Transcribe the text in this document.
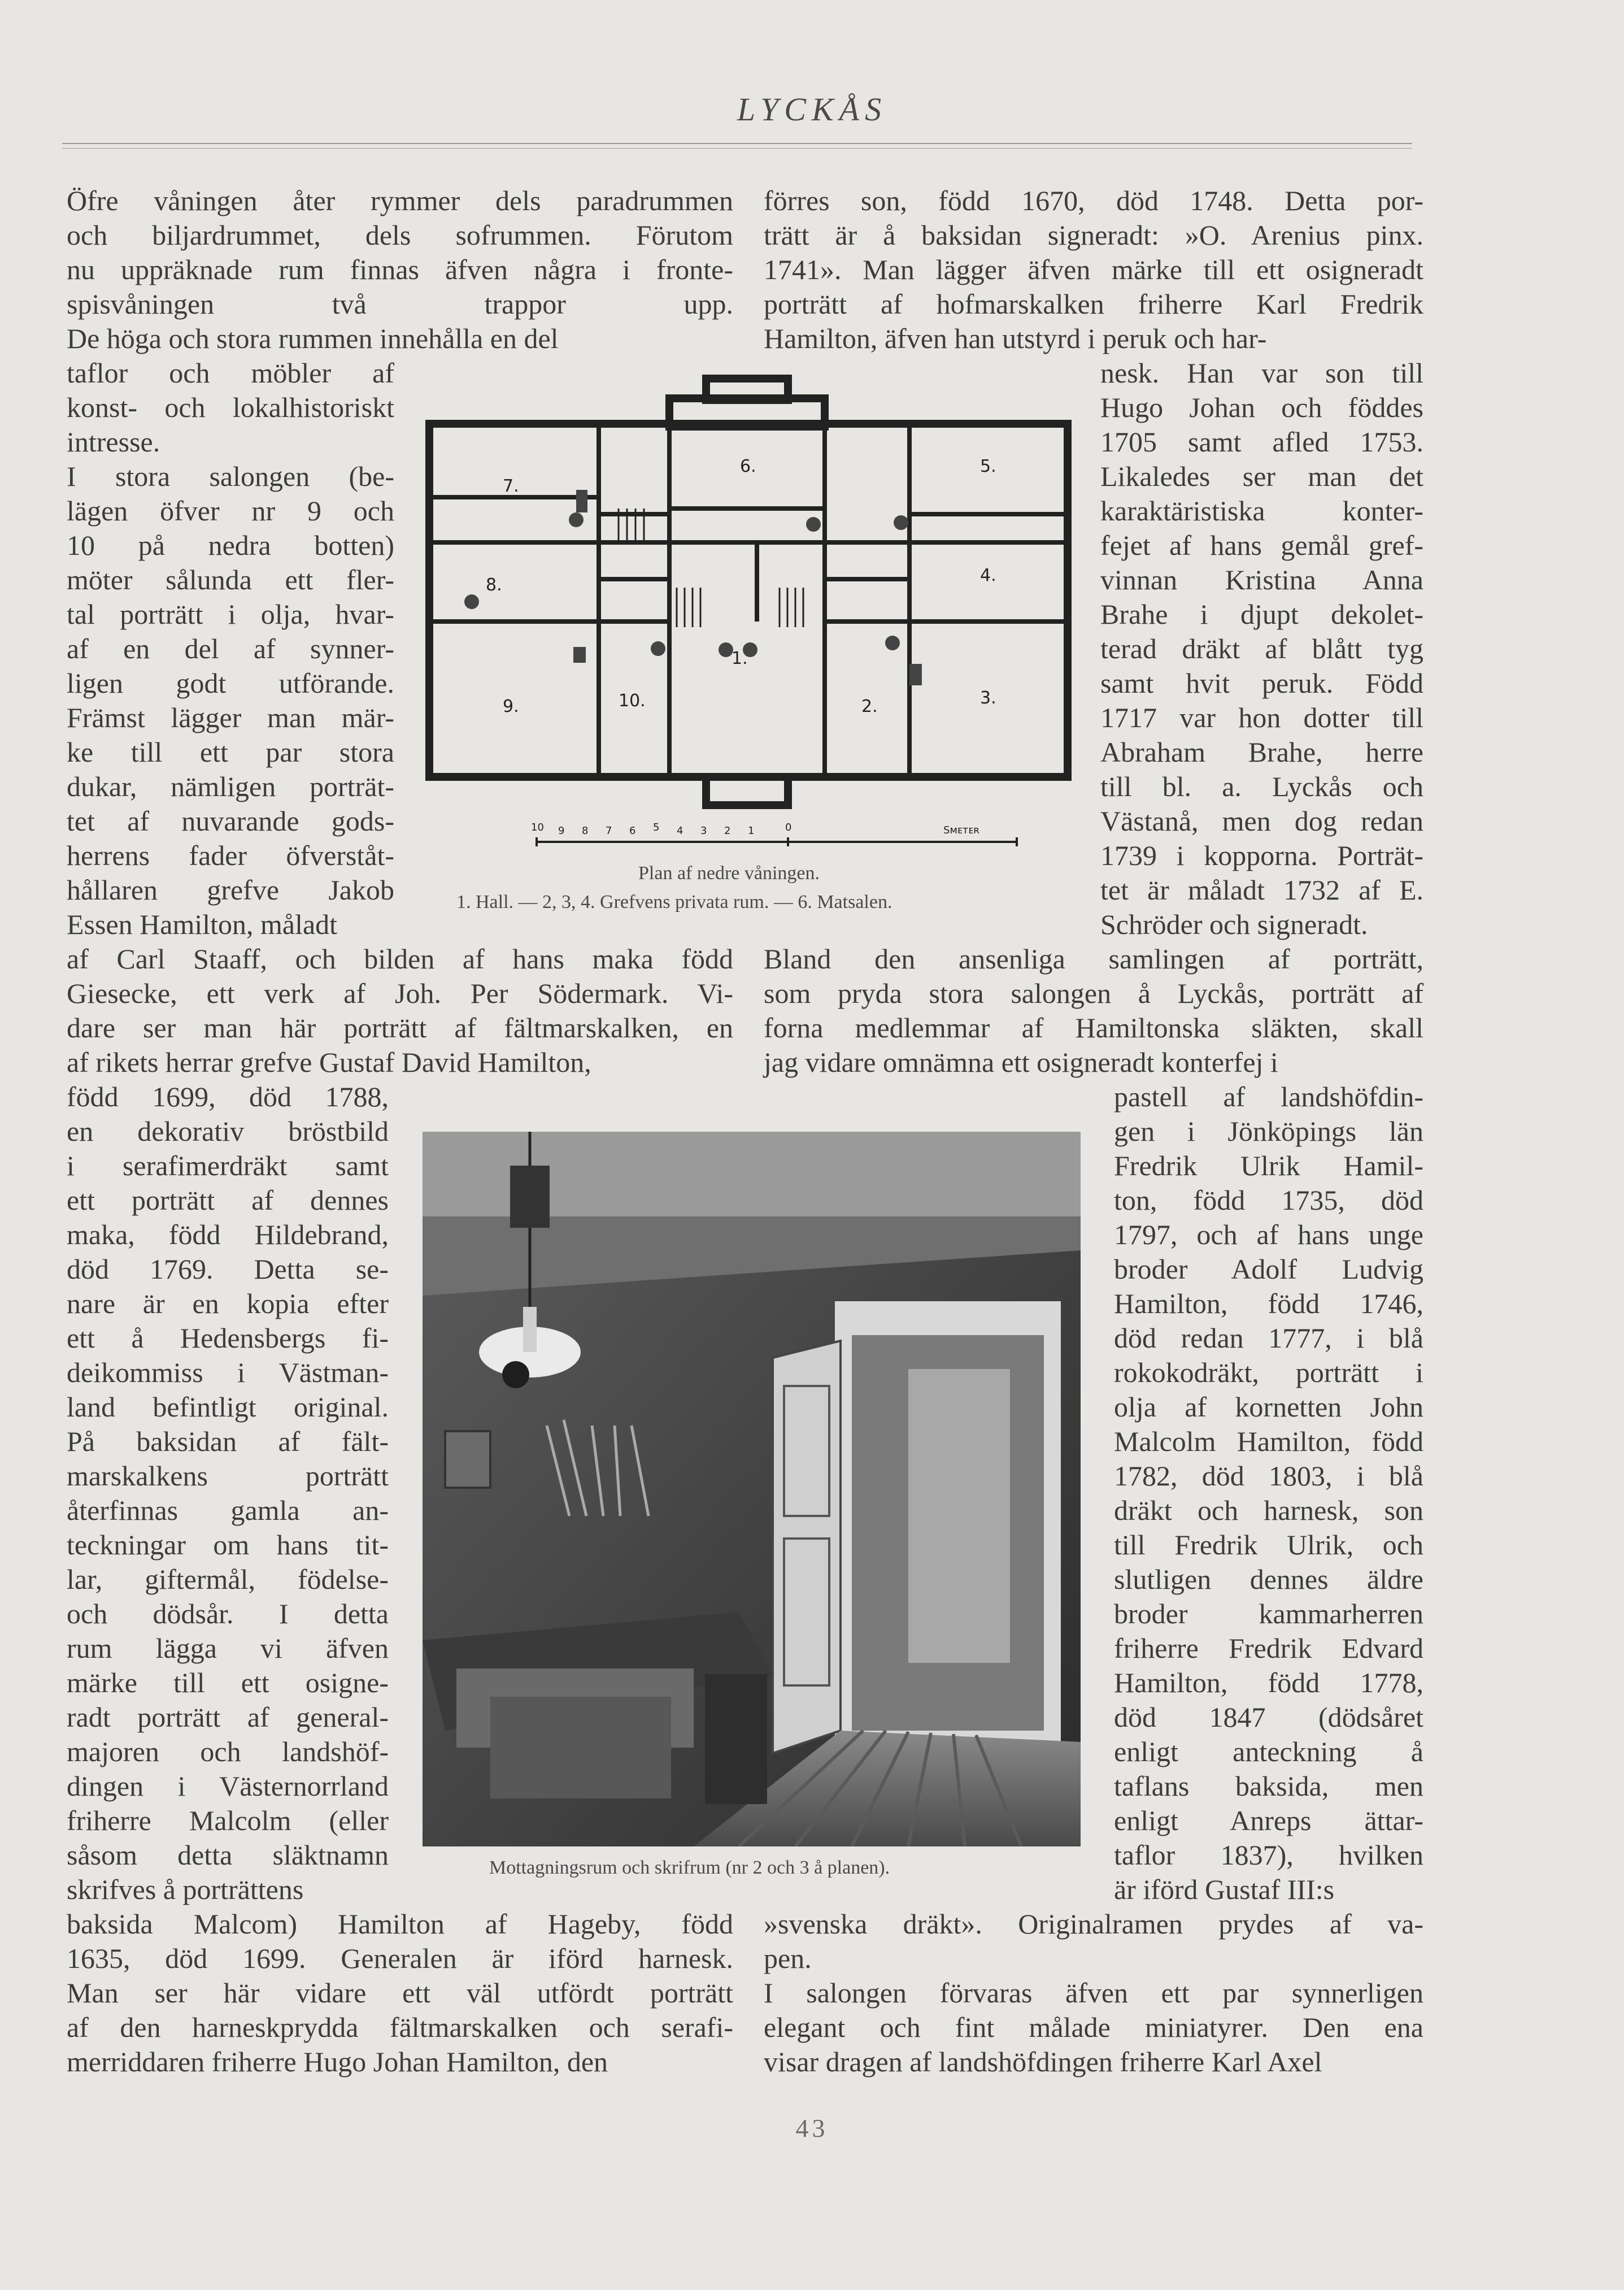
LYCKÅS
Öfre våningen åter rymmer dels paradrummen
och biljardrummet, dels sofrummen. Förutom
nu uppräknade rum finnas äfven några i fronte-
spisvåningen två trappor upp.
De höga och stora rummen innehålla en del
taflor och möbler af
konst- och lokalhistoriskt
intresse.
I stora salongen (be-
lägen öfver nr 9 och
10 på nedra botten)
möter sålunda ett fler-
tal porträtt i olja, hvar-
af en del af synner-
ligen godt utförande.
Främst lägger man mär-
ke till ett par stora
dukar, nämligen porträt-
tet af nuvarande gods-
herrens fader öfverståt-
hållaren grefve Jakob
Essen Hamilton, måladt
af Carl Staaff, och bilden af hans maka född
Giesecke, ett verk af Joh. Per Södermark. Vi-
dare ser man här porträtt af fältmarskalken, en
af rikets herrar grefve Gustaf David Hamilton,
född 1699, död 1788,
en dekorativ bröstbild
i serafimerdräkt samt
ett porträtt af dennes
maka, född Hildebrand,
död 1769. Detta se-
nare är en kopia efter
ett å Hedensbergs fi-
deikommiss i Västman-
land befintligt original.
På baksidan af fält-
marskalkens porträtt
återfinnas gamla an-
teckningar om hans tit-
lar, giftermål, födelse-
och dödsår. I detta
rum lägga vi äfven
märke till ett osigne-
radt porträtt af general-
majoren och landshöf-
dingen i Västernorrland
friherre Malcolm (eller
såsom detta släktnamn
skrifves å porträttens
baksida Malcom) Hamilton af Hageby, född
1635, död 1699. Generalen är iförd harnesk.
Man ser här vidare ett väl utfördt porträtt
af den harneskprydda fältmarskalken och serafi-
merriddaren friherre Hugo Johan Hamilton, den
förres son, född 1670, död 1748. Detta por-
trätt är å baksidan signeradt: »O. Arenius pinx.
1741». Man lägger äfven märke till ett osigneradt
porträtt af hofmarskalken friherre Karl Fredrik
Hamilton, äfven han utstyrd i peruk och har-
nesk. Han var son till
Hugo Johan och föddes
1705 samt afled 1753.
Likaledes ser man det
karaktäristiska konter-
fejet af hans gemål gref-
vinnan Kristina Anna
Brahe i djupt dekolet-
terad dräkt af blått tyg
samt hvit peruk. Född
1717 var hon dotter till
Abraham Brahe, herre
till bl. a. Lyckås och
Västanå, men dog redan
1739 i kopporna. Porträt-
tet är måladt 1732 af E.
Schröder och signeradt.
Bland den ansenliga samlingen af porträtt,
som pryda stora salongen å Lyckås, porträtt af
forna medlemmar af Hamiltonska släkten, skall
jag vidare omnämna ett osigneradt konterfej i
pastell af landshöfdin-
gen i Jönköpings län
Fredrik Ulrik Hamil-
ton, född 1735, död
1797, och af hans unge
broder Adolf Ludvig
Hamilton, född 1746,
död redan 1777, i blå
rokokodräkt, porträtt i
olja af kornetten John
Malcolm Hamilton, född
1782, död 1803, i blå
dräkt och harnesk, son
till Fredrik Ulrik, och
slutligen dennes äldre
broder kammarherren
friherre Fredrik Edvard
Hamilton, född 1778,
död 1847 (dödsåret
enligt anteckning å
taflans baksida, men
enligt Anreps ättar-
taflor 1837), hvilken
är iförd Gustaf III:s
»svenska dräkt». Originalramen prydes af va-
pen.
I salongen förvaras äfven ett par synnerligen
elegant och fint målade miniatyrer. Den ena
visar dragen af landshöfdingen friherre Karl Axel
1.
2.	3.
4.
5.
6.
7.
8.
9.	10.
10 9 8 7 6 5 4 3 2 1	0	Sᴍᴇᴛᴇʀ
Plan af nedre våningen.
1. Hall. — 2, 3, 4. Grefvens privata rum. — 6. Matsalen.
Mottagningsrum och skrifrum (nr 2 och 3 å planen).
43
